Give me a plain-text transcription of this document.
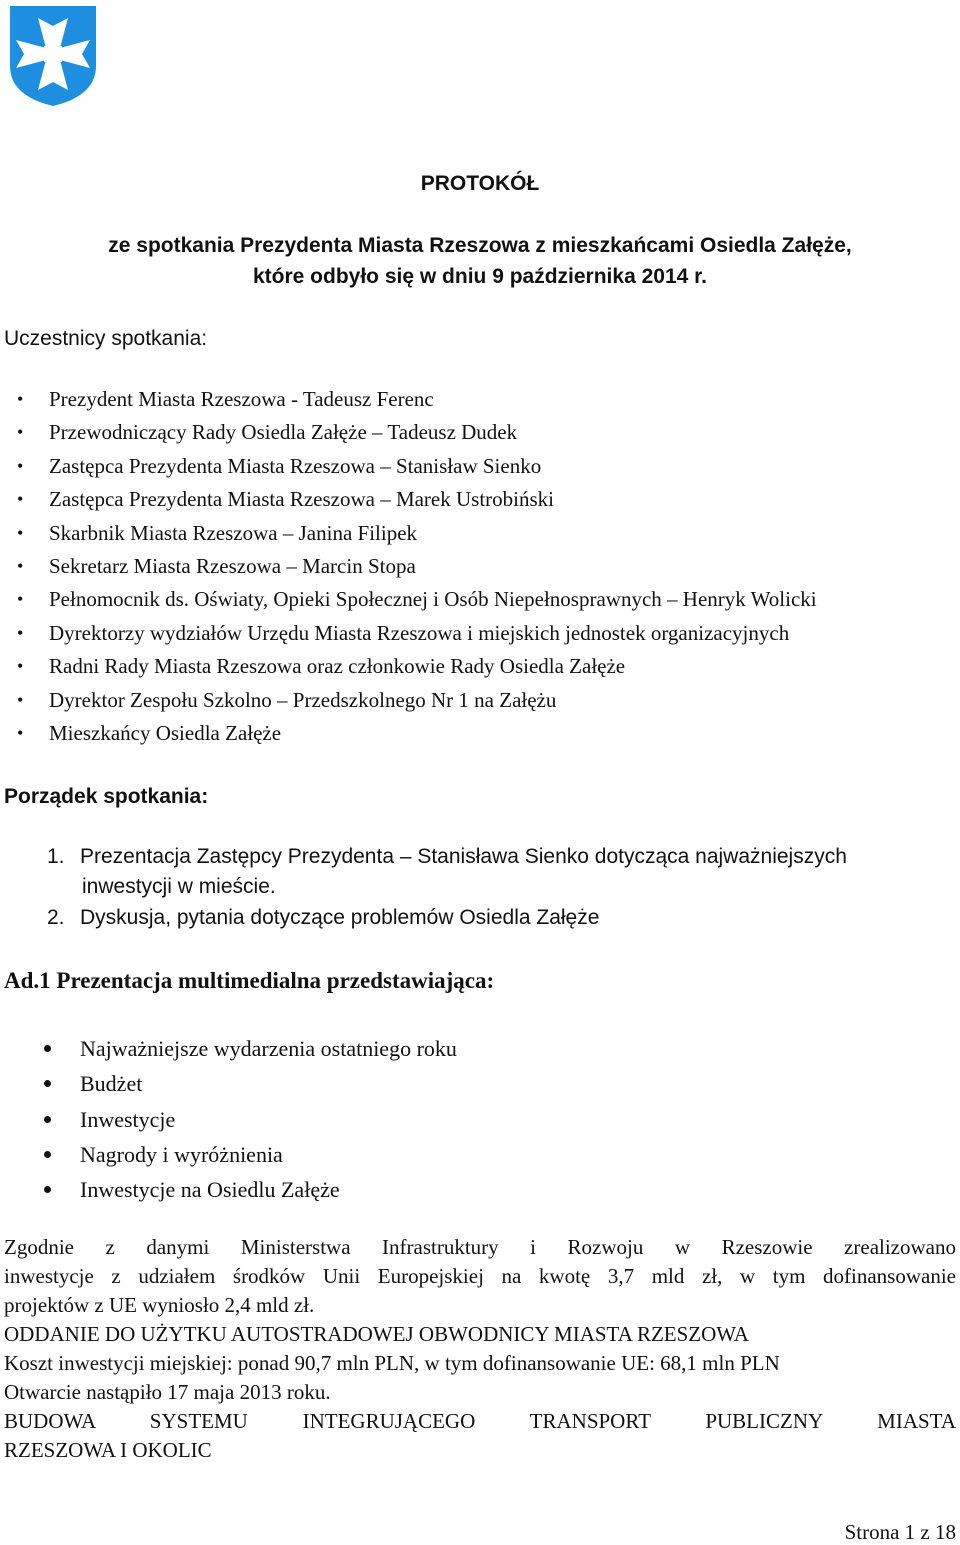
PROTOKÓŁ

ze spotkania Prezydenta Miasta Rzeszowa z mieszkańcami Osiedla Załęże,

które odbyło się w dniu 9 października 2014 r.

Uczestnicy spotkania:

• Prezydent Miasta Rzeszowa - Tadeusz Ferenc
• Przewodniczący Rady Osiedla Załęże – Tadeusz Dudek
• Zastępca Prezydenta Miasta Rzeszowa – Stanisław Sienko
• Zastępca Prezydenta Miasta Rzeszowa – Marek Ustrobiński
• Skarbnik Miasta Rzeszowa – Janina Filipek
• Sekretarz Miasta Rzeszowa – Marcin Stopa
• Pełnomocnik ds. Oświaty, Opieki Społecznej i Osób Niepełnosprawnych – Henryk Wolicki
• Dyrektorzy wydziałów Urzędu Miasta Rzeszowa i miejskich jednostek organizacyjnych
• Radni Rady Miasta Rzeszowa oraz członkowie Rady Osiedla Załęże
• Dyrektor Zespołu Szkolno – Przedszkolnego Nr 1 na Załężu
• Mieszkańcy Osiedla Załęże

Porządek spotkania:

1. Prezentacja Zastępcy Prezydenta – Stanisława Sienko dotycząca najważniejszych

inwestycji w mieście.

2. Dyskusja, pytania dotyczące problemów Osiedla Załęże

Ad.1 Prezentacja multimedialna przedstawiająca:

Najważniejsze wydarzenia ostatniego roku
Budżet
Inwestycje
Nagrody i wyróżnienia
Inwestycje na Osiedlu Załęże

Zgodnie z danymi Ministerstwa Infrastruktury i Rozwoju w Rzeszowie zrealizowano

inwestycje z udziałem środków Unii Europejskiej na kwotę 3,7 mld zł, w tym dofinansowanie

projektów z UE wyniosło 2,4 mld zł.

ODDANIE DO UŻYTKU AUTOSTRADOWEJ OBWODNICY MIASTA RZESZOWA

Koszt inwestycji miejskiej: ponad 90,7 mln PLN, w tym dofinansowanie UE: 68,1 mln PLN

Otwarcie nastąpiło 17 maja 2013 roku.

BUDOWA SYSTEMU INTEGRUJĄCEGO TRANSPORT PUBLICZNY MIASTA

RZESZOWA I OKOLIC

Strona 1 z 18
